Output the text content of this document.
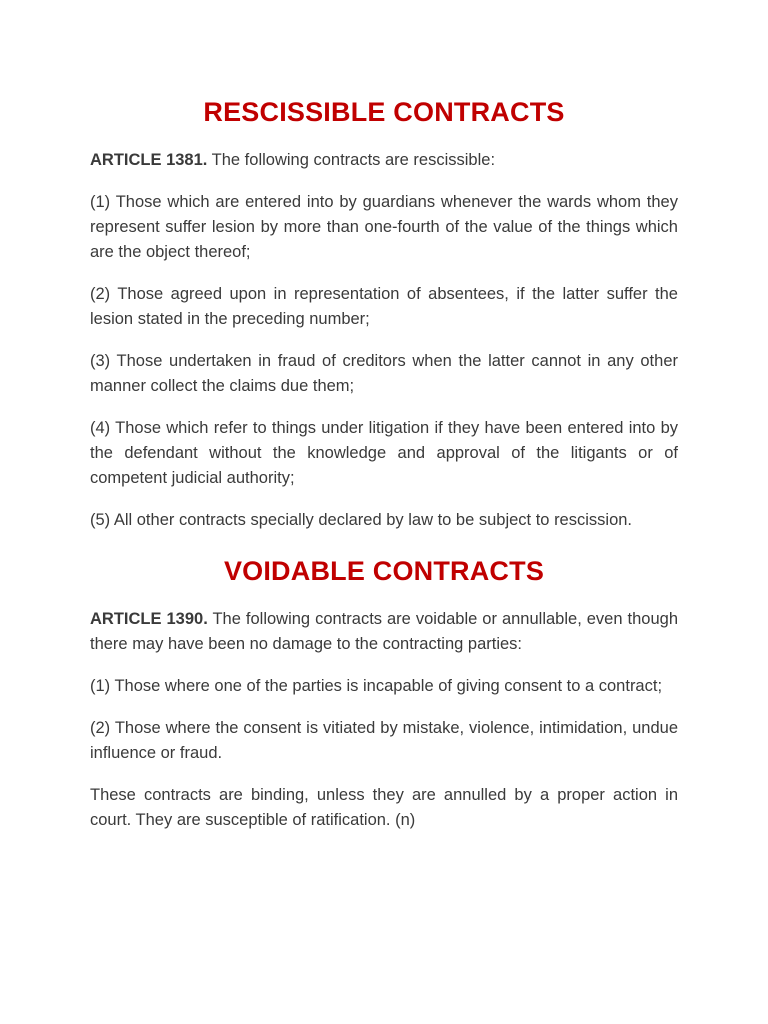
RESCISSIBLE CONTRACTS

ARTICLE 1381. The following contracts are rescissible:

(1) Those which are entered into by guardians whenever the wards whom they represent suffer lesion by more than one-fourth of the value of the things which are the object thereof;

(2) Those agreed upon in representation of absentees, if the latter suffer the lesion stated in the preceding number;

(3) Those undertaken in fraud of creditors when the latter cannot in any other manner collect the claims due them;

(4) Those which refer to things under litigation if they have been entered into by the defendant without the knowledge and approval of the litigants or of competent judicial authority;

(5) All other contracts specially declared by law to be subject to rescission.

VOIDABLE CONTRACTS

ARTICLE 1390. The following contracts are voidable or annullable, even though there may have been no damage to the contracting parties:

(1) Those where one of the parties is incapable of giving consent to a contract;

(2) Those where the consent is vitiated by mistake, violence, intimidation, undue influence or fraud.

These contracts are binding, unless they are annulled by a proper action in court. They are susceptible of ratification. (n)
